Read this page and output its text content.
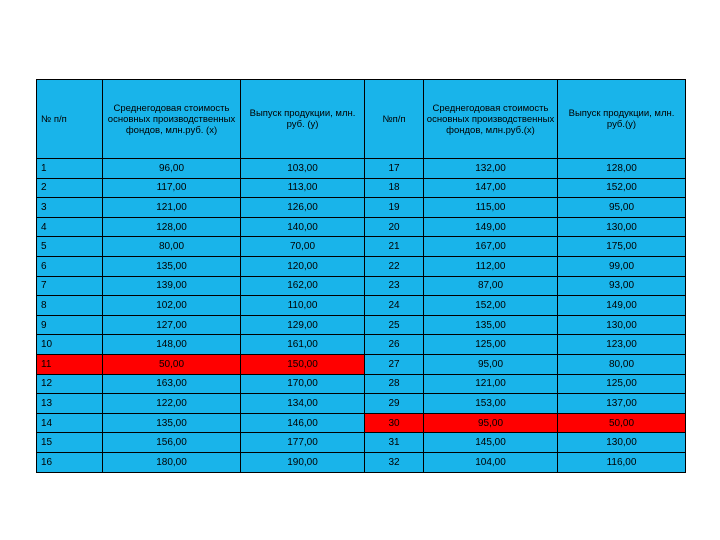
№ п/п	Среднегодовая стоимость основных производственных фондов, млн.руб. (х)	Выпуск продукции, млн. руб. (у)	№п/п	Среднегодовая стоимость основных производственных фондов, млн.руб.(х)	Выпуск продукции, млн. руб.(у)
1	96,00	103,00	17	132,00	128,00
2	117,00	113,00	18	147,00	152,00
3	121,00	126,00	19	115,00	95,00
4	128,00	140,00	20	149,00	130,00
5	80,00	70,00	21	167,00	175,00
6	135,00	120,00	22	112,00	99,00
7	139,00	162,00	23	87,00	93,00
8	102,00	110,00	24	152,00	149,00
9	127,00	129,00	25	135,00	130,00
10	148,00	161,00	26	125,00	123,00
11	50,00	150,00	27	95,00	80,00
12	163,00	170,00	28	121,00	125,00
13	122,00	134,00	29	153,00	137,00
14	135,00	146,00	30	95,00	50,00
15	156,00	177,00	31	145,00	130,00
16	180,00	190,00	32	104,00	116,00
